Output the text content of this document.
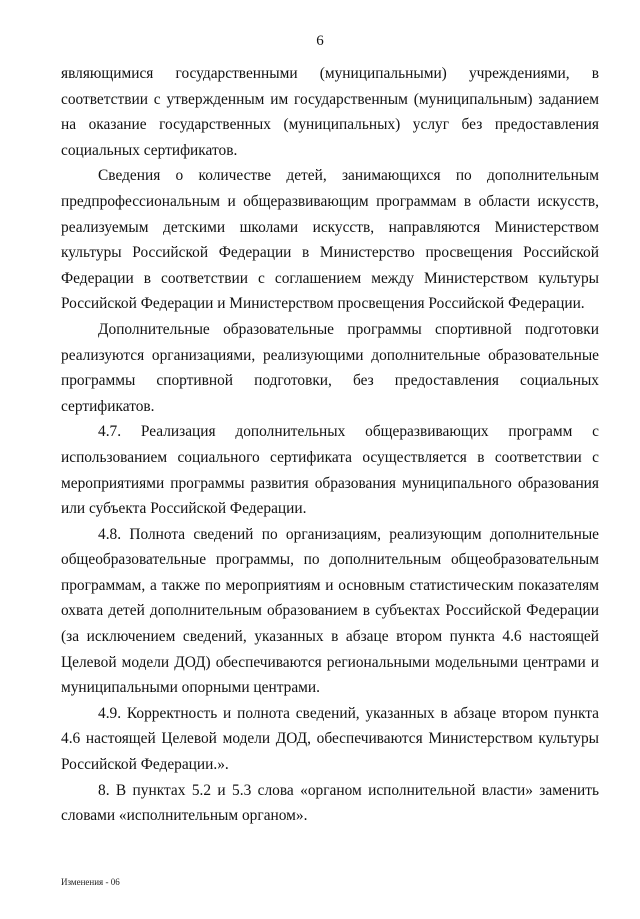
6

являющимися государственными (муниципальными) учреждениями, в соответствии с утвержденным им государственным (муниципальным) заданием на оказание государственных (муниципальных) услуг без предоставления социальных сертификатов.

Сведения о количестве детей, занимающихся по дополнительным предпрофессиональным и общеразвивающим программам в области искусств, реализуемым детскими школами искусств, направляются Министерством культуры Российской Федерации в Министерство просвещения Российской Федерации в соответствии с соглашением между Министерством культуры Российской Федерации и Министерством просвещения Российской Федерации.

Дополнительные образовательные программы спортивной подготовки реализуются организациями, реализующими дополнительные образовательные программы спортивной подготовки, без предоставления социальных сертификатов.

4.7. Реализация дополнительных общеразвивающих программ с использованием социального сертификата осуществляется в соответствии с мероприятиями программы развития образования муниципального образования или субъекта Российской Федерации.

4.8. Полнота сведений по организациям, реализующим дополнительные общеобразовательные программы, по дополнительным общеобразовательным программам, а также по мероприятиям и основным статистическим показателям охвата детей дополнительным образованием в субъектах Российской Федерации (за исключением сведений, указанных в абзаце втором пункта 4.6 настоящей Целевой модели ДОД) обеспечиваются региональными модельными центрами и муниципальными опорными центрами.

4.9. Корректность и полнота сведений, указанных в абзаце втором пункта 4.6 настоящей Целевой модели ДОД, обеспечиваются Министерством культуры Российской Федерации.».

8. В пунктах 5.2 и 5.3 слова «органом исполнительной власти» заменить словами «исполнительным органом».

Изменения - 06
